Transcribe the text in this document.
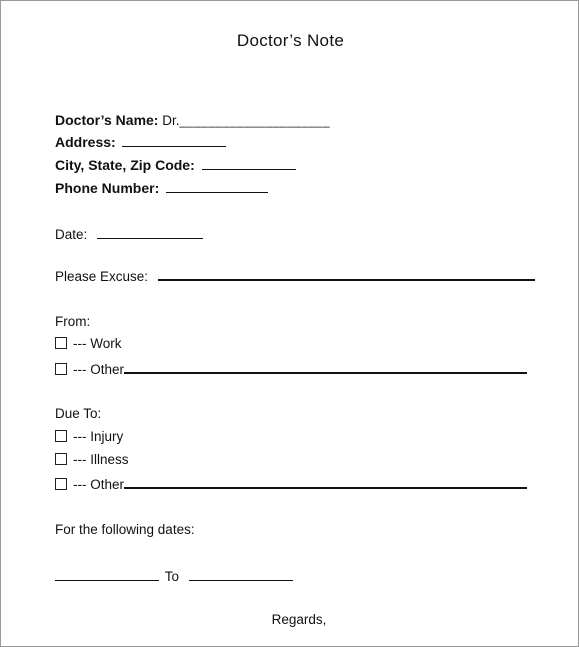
Doctor’s Note
Doctor’s Name: Dr._____________________
Address:
City, State, Zip Code:
Phone Number:
Date:
Please Excuse:
From:
--- Work
--- Other
Due To:
--- Injury
--- Illness
--- Other
For the following dates:
To
Regards,
